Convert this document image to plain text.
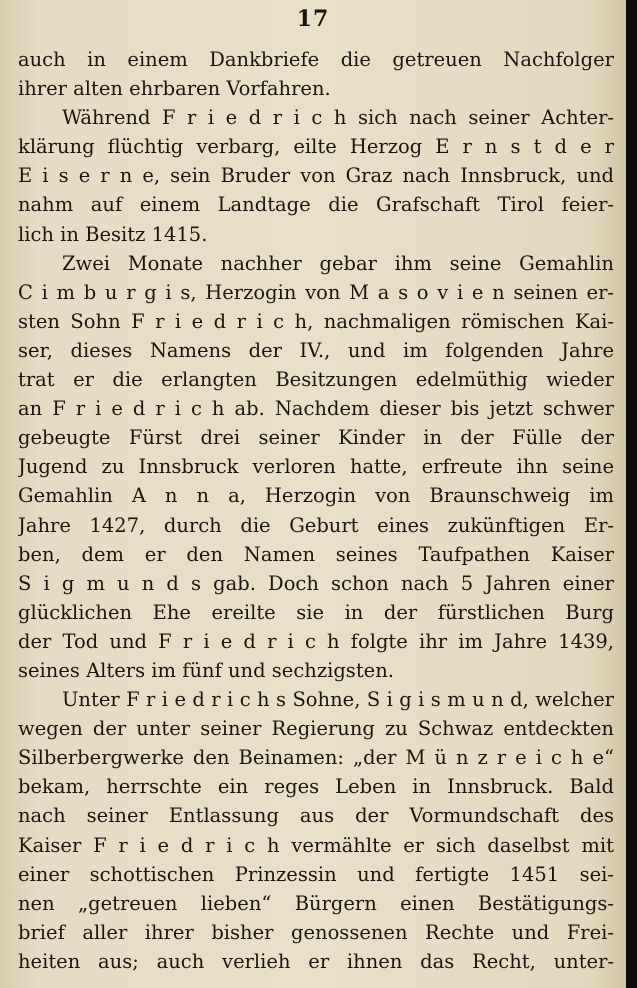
17
auch in einem Dankbriefe die getreuen Nachfolger
ihrer alten ehrbaren Vorfahren.
Während F r i e d r i c h sich nach seiner Achter-
klärung flüchtig verbarg, eilte Herzog E r n s t d e r
E i s e r n e, sein Bruder von Graz nach Innsbruck, und
nahm auf einem Landtage die Grafschaft Tirol feier-
lich in Besitz 1415.
Zwei Monate nachher gebar ihm seine Gemahlin
C i m b u r g i s, Herzogin von M a s o v i e n seinen er-
sten Sohn F r i e d r i c h, nachmaligen römischen Kai-
ser, dieses Namens der IV., und im folgenden Jahre
trat er die erlangten Besitzungen edelmüthig wieder
an F r i e d r i c h ab. Nachdem dieser bis jetzt schwer
gebeugte Fürst drei seiner Kinder in der Fülle der
Jugend zu Innsbruck verloren hatte, erfreute ihn seine
Gemahlin A n n a, Herzogin von Braunschweig im
Jahre 1427, durch die Geburt eines zukünftigen Er-
ben, dem er den Namen seines Taufpathen Kaiser
S i g m u n d s gab. Doch schon nach 5 Jahren einer
glücklichen Ehe ereilte sie in der fürstlichen Burg
der Tod und F r i e d r i c h folgte ihr im Jahre 1439,
seines Alters im fünf und sechzigsten.
Unter F r i e d r i c h s Sohne, S i g i s m u n d, welcher
wegen der unter seiner Regierung zu Schwaz entdeckten
Silberbergwerke den Beinamen: „der M ü n z r e i c h e“
bekam, herrschte ein reges Leben in Innsbruck. Bald
nach seiner Entlassung aus der Vormundschaft des
Kaiser F r i e d r i c h vermählte er sich daselbst mit
einer schottischen Prinzessin und fertigte 1451 sei-
nen „getreuen lieben“ Bürgern einen Bestätigungs-
brief aller ihrer bisher genossenen Rechte und Frei-
heiten aus; auch verlieh er ihnen das Recht, unter-
